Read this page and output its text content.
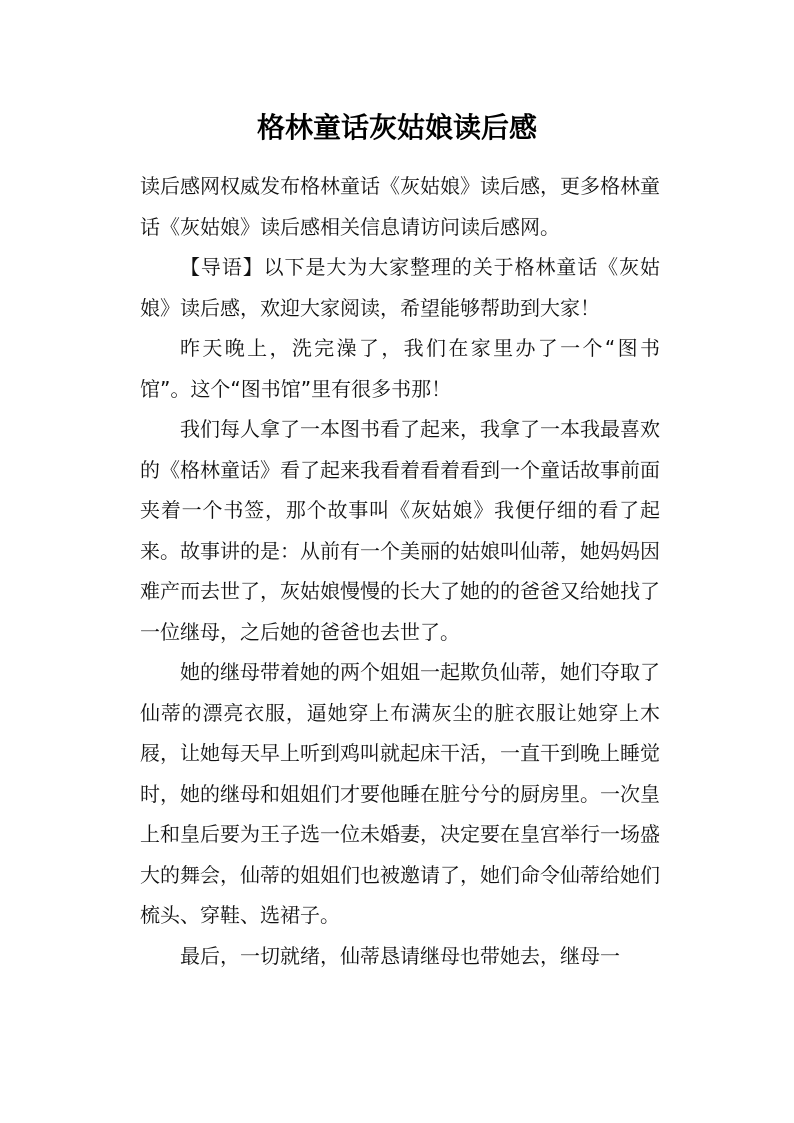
格林童话灰姑娘读后感

读后感网权威发布格林童话《灰姑娘》读后感，更多格林童话《灰姑娘》读后感相关信息请访问读后感网。

【导语】以下是大为大家整理的关于格林童话《灰姑娘》读后感，欢迎大家阅读，希望能够帮助到大家！

昨天晚上，洗完澡了，我们在家里办了一个“图书馆”。这个“图书馆”里有很多书那！

我们每人拿了一本图书看了起来，我拿了一本我最喜欢的《格林童话》看了起来我看着看着看到一个童话故事前面夹着一个书签，那个故事叫《灰姑娘》我便仔细的看了起来。故事讲的是：从前有一个美丽的姑娘叫仙蒂，她妈妈因难产而去世了，灰姑娘慢慢的长大了她的的爸爸又给她找了一位继母，之后她的爸爸也去世了。

她的继母带着她的两个姐姐一起欺负仙蒂，她们夺取了仙蒂的漂亮衣服，逼她穿上布满灰尘的脏衣服让她穿上木屐，让她每天早上听到鸡叫就起床干活，一直干到晚上睡觉时，她的继母和姐姐们才要他睡在脏兮兮的厨房里。一次皇上和皇后要为王子选一位未婚妻，决定要在皇宫举行一场盛大的舞会，仙蒂的姐姐们也被邀请了，她们命令仙蒂给她们梳头、穿鞋、选裙子。

最后，一切就绪，仙蒂恳请继母也带她去，继母一
